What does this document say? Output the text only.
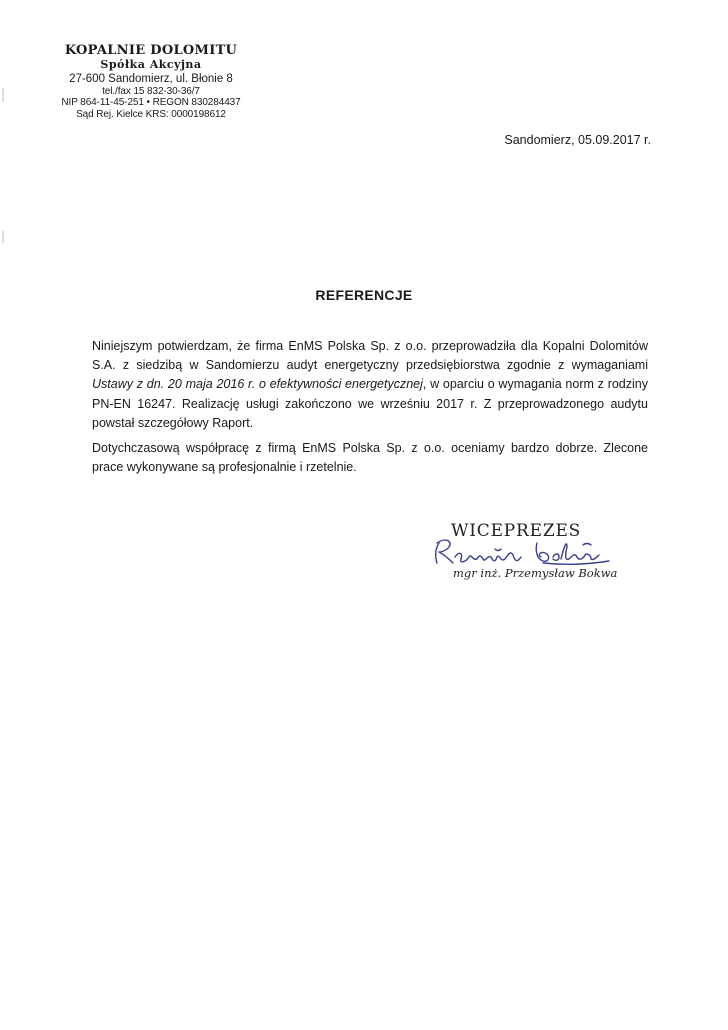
KOPALNIE DOLOMITU
Spółka Akcyjna
27-600 Sandomierz, ul. Błonie 8
tel./fax 15 832-30-36/7
NIP 864-11-45-251 • REGON 830284437
Sąd Rej. Kielce KRS: 0000198612
Sandomierz, 05.09.2017 r.
REFERENCJE

Niniejszym potwierdzam, że firma EnMS Polska Sp. z o.o. przeprowadziła dla Kopalni Dolomitów S.A. z siedzibą w Sandomierzu audyt energetyczny przedsiębiorstwa zgodnie z wymaganiami Ustawy z dn. 20 maja 2016 r. o efektywności energetycznej, w oparciu o wymagania norm z rodziny PN-EN 16247. Realizację usługi zakończono we wrześniu 2017 r. Z przeprowadzonego audytu powstał szczegółowy Raport.

Dotychczasową współpracę z firmą EnMS Polska Sp. z o.o. oceniamy bardzo dobrze. Zlecone prace wykonywane są profesjonalnie i rzetelnie.

WICEPREZES
mgr inż. Przemysław Bokwa
